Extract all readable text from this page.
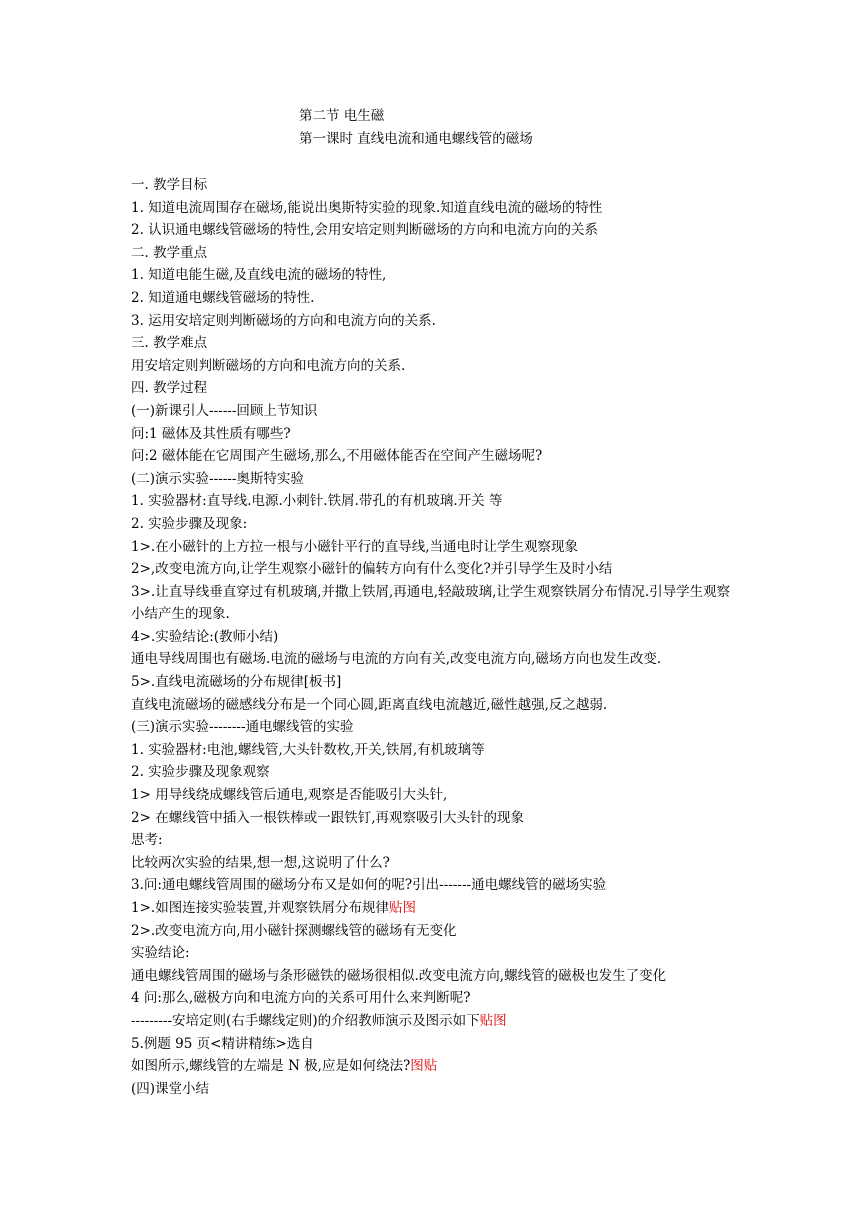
第二节 电生磁
第一课时 直线电流和通电螺线管的磁场
一. 教学目标
1. 知道电流周围存在磁场,能说出奥斯特实验的现象.知道直线电流的磁场的特性
2. 认识通电螺线管磁场的特性,会用安培定则判断磁场的方向和电流方向的关系
二. 教学重点
1. 知道电能生磁,及直线电流的磁场的特性,
2. 知道通电螺线管磁场的特性.
3. 运用安培定则判断磁场的方向和电流方向的关系.
三. 教学难点
用安培定则判断磁场的方向和电流方向的关系.
四. 教学过程
(一)新课引人------回顾上节知识
问:1 磁体及其性质有哪些?
问:2 磁体能在它周围产生磁场,那么,不用磁体能否在空间产生磁场呢?
(二)演示实验------奥斯特实验
1. 实验器材:直导线.电源.小刺针.铁屑.带孔的有机玻璃.开关 等
2. 实验步骤及现象:
1>.在小磁针的上方拉一根与小磁针平行的直导线,当通电时让学生观察现象
2>,改变电流方向,让学生观察小磁针的偏转方向有什么变化?并引导学生及时小结
3>.让直导线垂直穿过有机玻璃,并撒上铁屑,再通电,轻敲玻璃,让学生观察铁屑分布情况.引导学生观察小结产生的现象.
4>.实验结论:(教师小结)
通电导线周围也有磁场.电流的磁场与电流的方向有关,改变电流方向,磁场方向也发生改变.
5>.直线电流磁场的分布规律[板书]
直线电流磁场的磁感线分布是一个同心圆,距离直线电流越近,磁性越强,反之越弱.
(三)演示实验--------通电螺线管的实验
1. 实验器材:电池,螺线管,大头针数枚,开关,铁屑,有机玻璃等
2. 实验步骤及现象观察
1> 用导线绕成螺线管后通电,观察是否能吸引大头针,
2> 在螺线管中插入一根铁棒或一跟铁钉,再观察吸引大头针的现象
思考:
比较两次实验的结果,想一想,这说明了什么?
3.问:通电螺线管周围的磁场分布又是如何的呢?引出-------通电螺线管的磁场实验
1>.如图连接实验装置,并观察铁屑分布规律贴图
2>.改变电流方向,用小磁针探测螺线管的磁场有无变化
实验结论:
通电螺线管周围的磁场与条形磁铁的磁场很相似.改变电流方向,螺线管的磁极也发生了变化
4 问:那么,磁极方向和电流方向的关系可用什么来判断呢?
---------安培定则(右手螺线定则)的介绍教师演示及图示如下贴图
5.例题 95 页<精讲精练>选自
如图所示,螺线管的左端是 N 极,应是如何绕法?图贴
(四)课堂小结
